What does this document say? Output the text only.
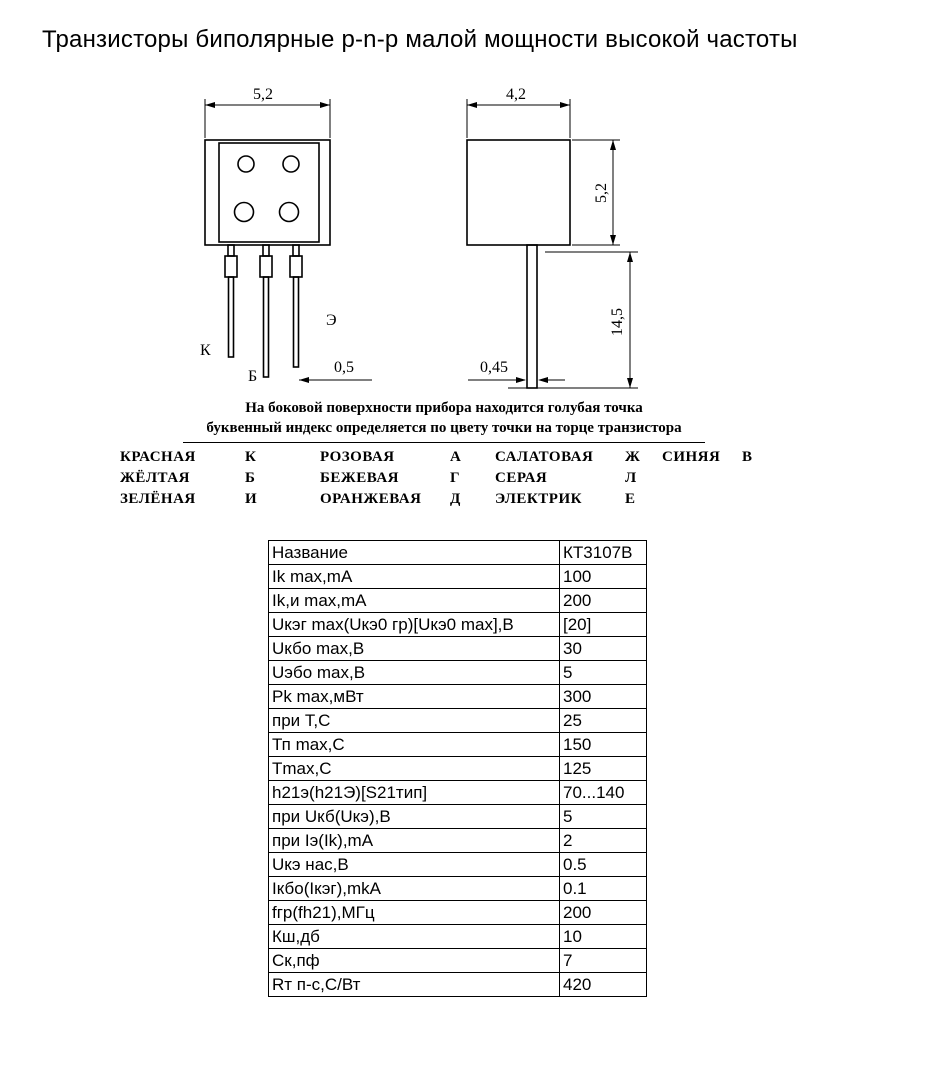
Транзисторы биполярные p-n-p малой мощности высокой частоты
5,2
К
Б
Э
0,5
4,2
5,2
14,5
0,45
На боковой поверхности прибора находится голубая точка
буквенный индекс определяется по цвету точки на торце транзистора
КРАСНАЯ	К	РОЗОВАЯ	А	САЛАТОВАЯ	Ж	СИНЯЯ	В
ЖЁЛТАЯ	Б	БЕЖЕВАЯ	Г	СЕРАЯ	Л
ЗЕЛЁНАЯ	И	ОРАНЖЕВАЯ	Д	ЭЛЕКТРИК	Е
Название	КТ3107В
Ik max,mA	100
Ik,и max,mA	200
Uкэг max(Uкэ0 гр)[Uкэ0 max],В	[20]
Uкбо max,В	30
Uэбо max,В	5
Pk max,мВт	300
при Т,С	25
Тп max,С	150
Tmax,С	125
h21э(h21Э)[S21тип]	70...140
при Uкб(Uкэ),В	5
при Iэ(Ik),mA	2
Uкэ нас,В	0.5
Iкбо(Iкэг),mkA	0.1
fгр(fh21),МГц	200
Кш,дб	10
Ск,пф	7
Rт п-с,С/Вт	420
